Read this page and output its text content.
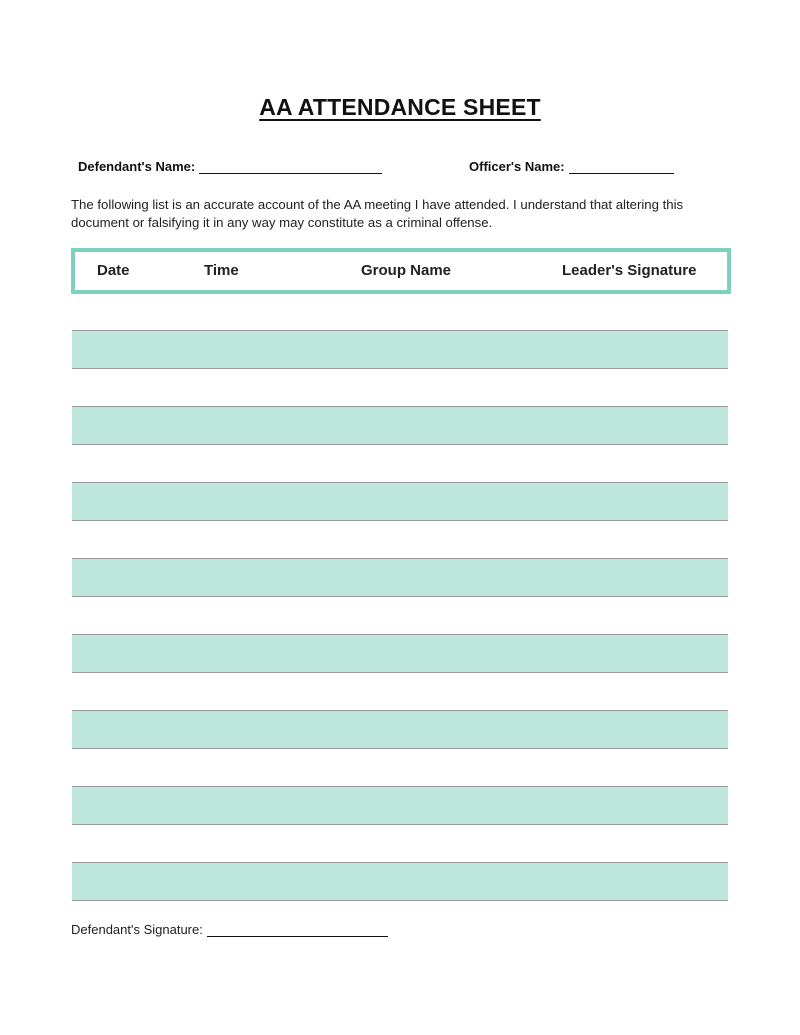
AA ATTENDANCE SHEET
Defendant's Name:	Officer's Name:
The following list is an accurate account of the AA meeting I have attended. I understand that altering this document or falsifying it in any way may constitute as a criminal offense.
Date	Time	Group Name	Leader's Signature
Defendant's Signature:
